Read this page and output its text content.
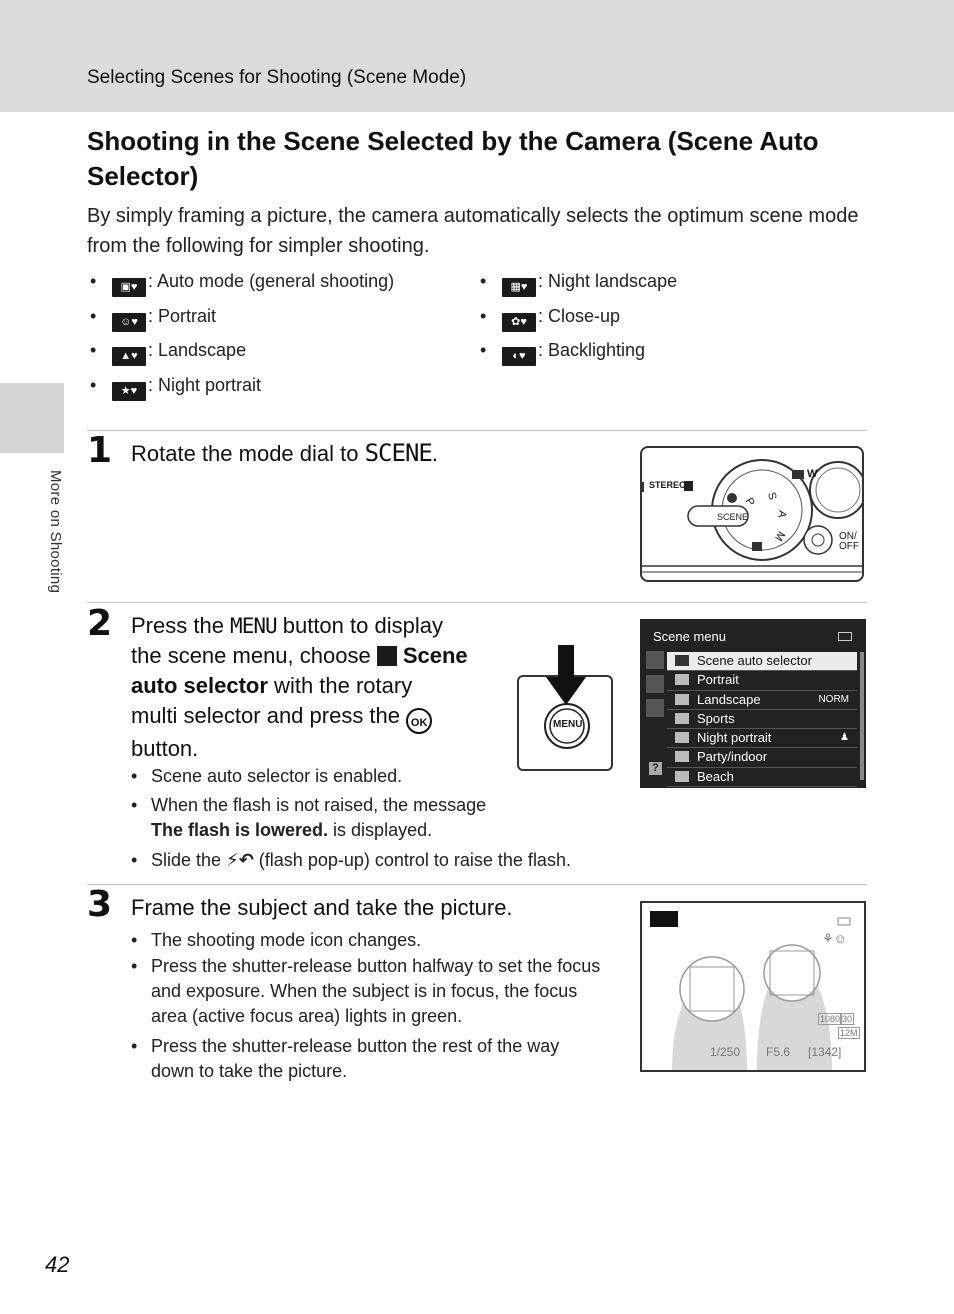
Selecting Scenes for Shooting (Scene Mode)
More on Shooting
Shooting in the Scene Selected by the Camera (Scene Auto Selector)
By simply framing a picture, the camera automatically selects the optimum scene mode from the following for simpler shooting.
• ▣♥ : Auto mode (general shooting)
• ☺♥ : Portrait
• ▲♥ : Landscape
• ★♥ : Night portrait
• ▦♥ : Night landscape
• ✿♥ : Close-up
• ◐♥ : Backlighting
1 Rotate the mode dial to SCENE.
STEREO
SCENE
P S
A
M
W
ON/
OFF
2 Press the MENU button to display
the scene menu, choose Scene
auto selector with the rotary
multi selector and press the OK
button.
• Scene auto selector is enabled.
• When the flash is not raised, the message
The flash is lowered. is displayed.
• Slide the ⚡↶ (flash pop-up) control to raise the flash.
MENU
Scene menu
Scene auto selector
Portrait
Landscape	NORM
Sports
Night portrait	♟
Party/indoor
Beach
?
3 Frame the subject and take the picture.
• The shooting mode icon changes.
• Press the shutter-release button halfway to set the focus
and exposure. When the subject is in focus, the focus
area (active focus area) lights in green.
• Press the shutter-release button the rest of the way
down to take the picture.
⚘☺
1080 30
12M
1/250 F5.6 [1342]
42
